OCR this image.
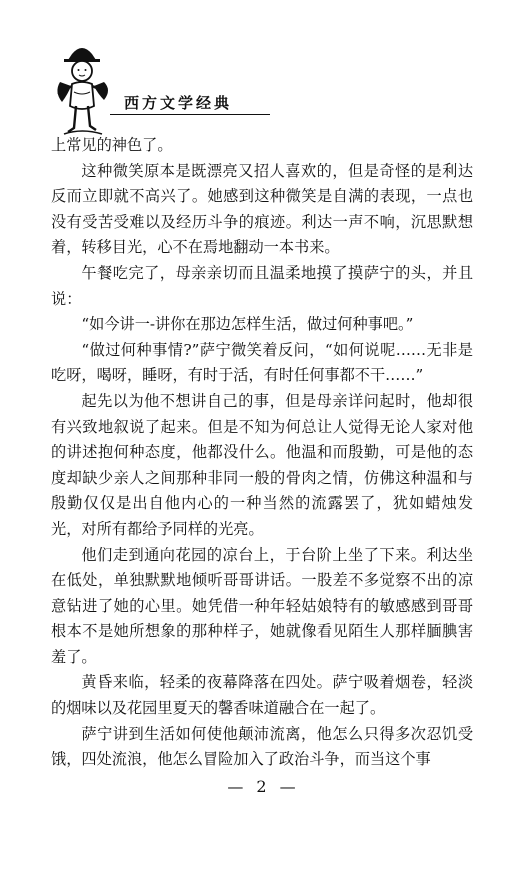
西方文学经典

上常见的神色了。

这种微笑原本是既漂亮又招人喜欢的，但是奇怪的是利达反而立即就不高兴了。她感到这种微笑是自满的表现，一点也没有受苦受难以及经历斗争的痕迹。利达一声不响，沉思默想着，转移目光，心不在焉地翻动一本书来。

午餐吃完了，母亲亲切而且温柔地摸了摸萨宁的头，并且说：

“如今讲一-讲你在那边怎样生活，做过何种事吧。”

“做过何种事情?”萨宁微笑着反问，“如何说呢……无非是吃呀，喝呀，睡呀，有时于活，有时任何事都不干……”

起先以为他不想讲自己的事，但是母亲详问起时，他却很有兴致地叙说了起来。但是不知为何总让人觉得无论人家对他的讲述抱何种态度，他都没什么。他温和而殷勤，可是他的态度却缺少亲人之间那种非同一般的骨肉之情，仿佛这种温和与殷勤仅仅是出自他内心的一种当然的流露罢了，犹如蜡烛发光，对所有都给予同样的光亮。

他们走到通向花园的凉台上，于台阶上坐了下来。利达坐在低处，单独默默地倾听哥哥讲话。一股差不多觉察不出的凉意钻进了她的心里。她凭借一种年轻姑娘特有的敏感感到哥哥根本不是她所想象的那种样子，她就像看见陌生人那样腼腆害羞了。

黄昏来临，轻柔的夜幕降落在四处。萨宁吸着烟卷，轻淡的烟味以及花园里夏天的馨香味道融合在一起了。

萨宁讲到生活如何使他颠沛流离，他怎么只得多次忍饥受饿，四处流浪，他怎么冒险加入了政治斗争，而当这个事

— 2 —
